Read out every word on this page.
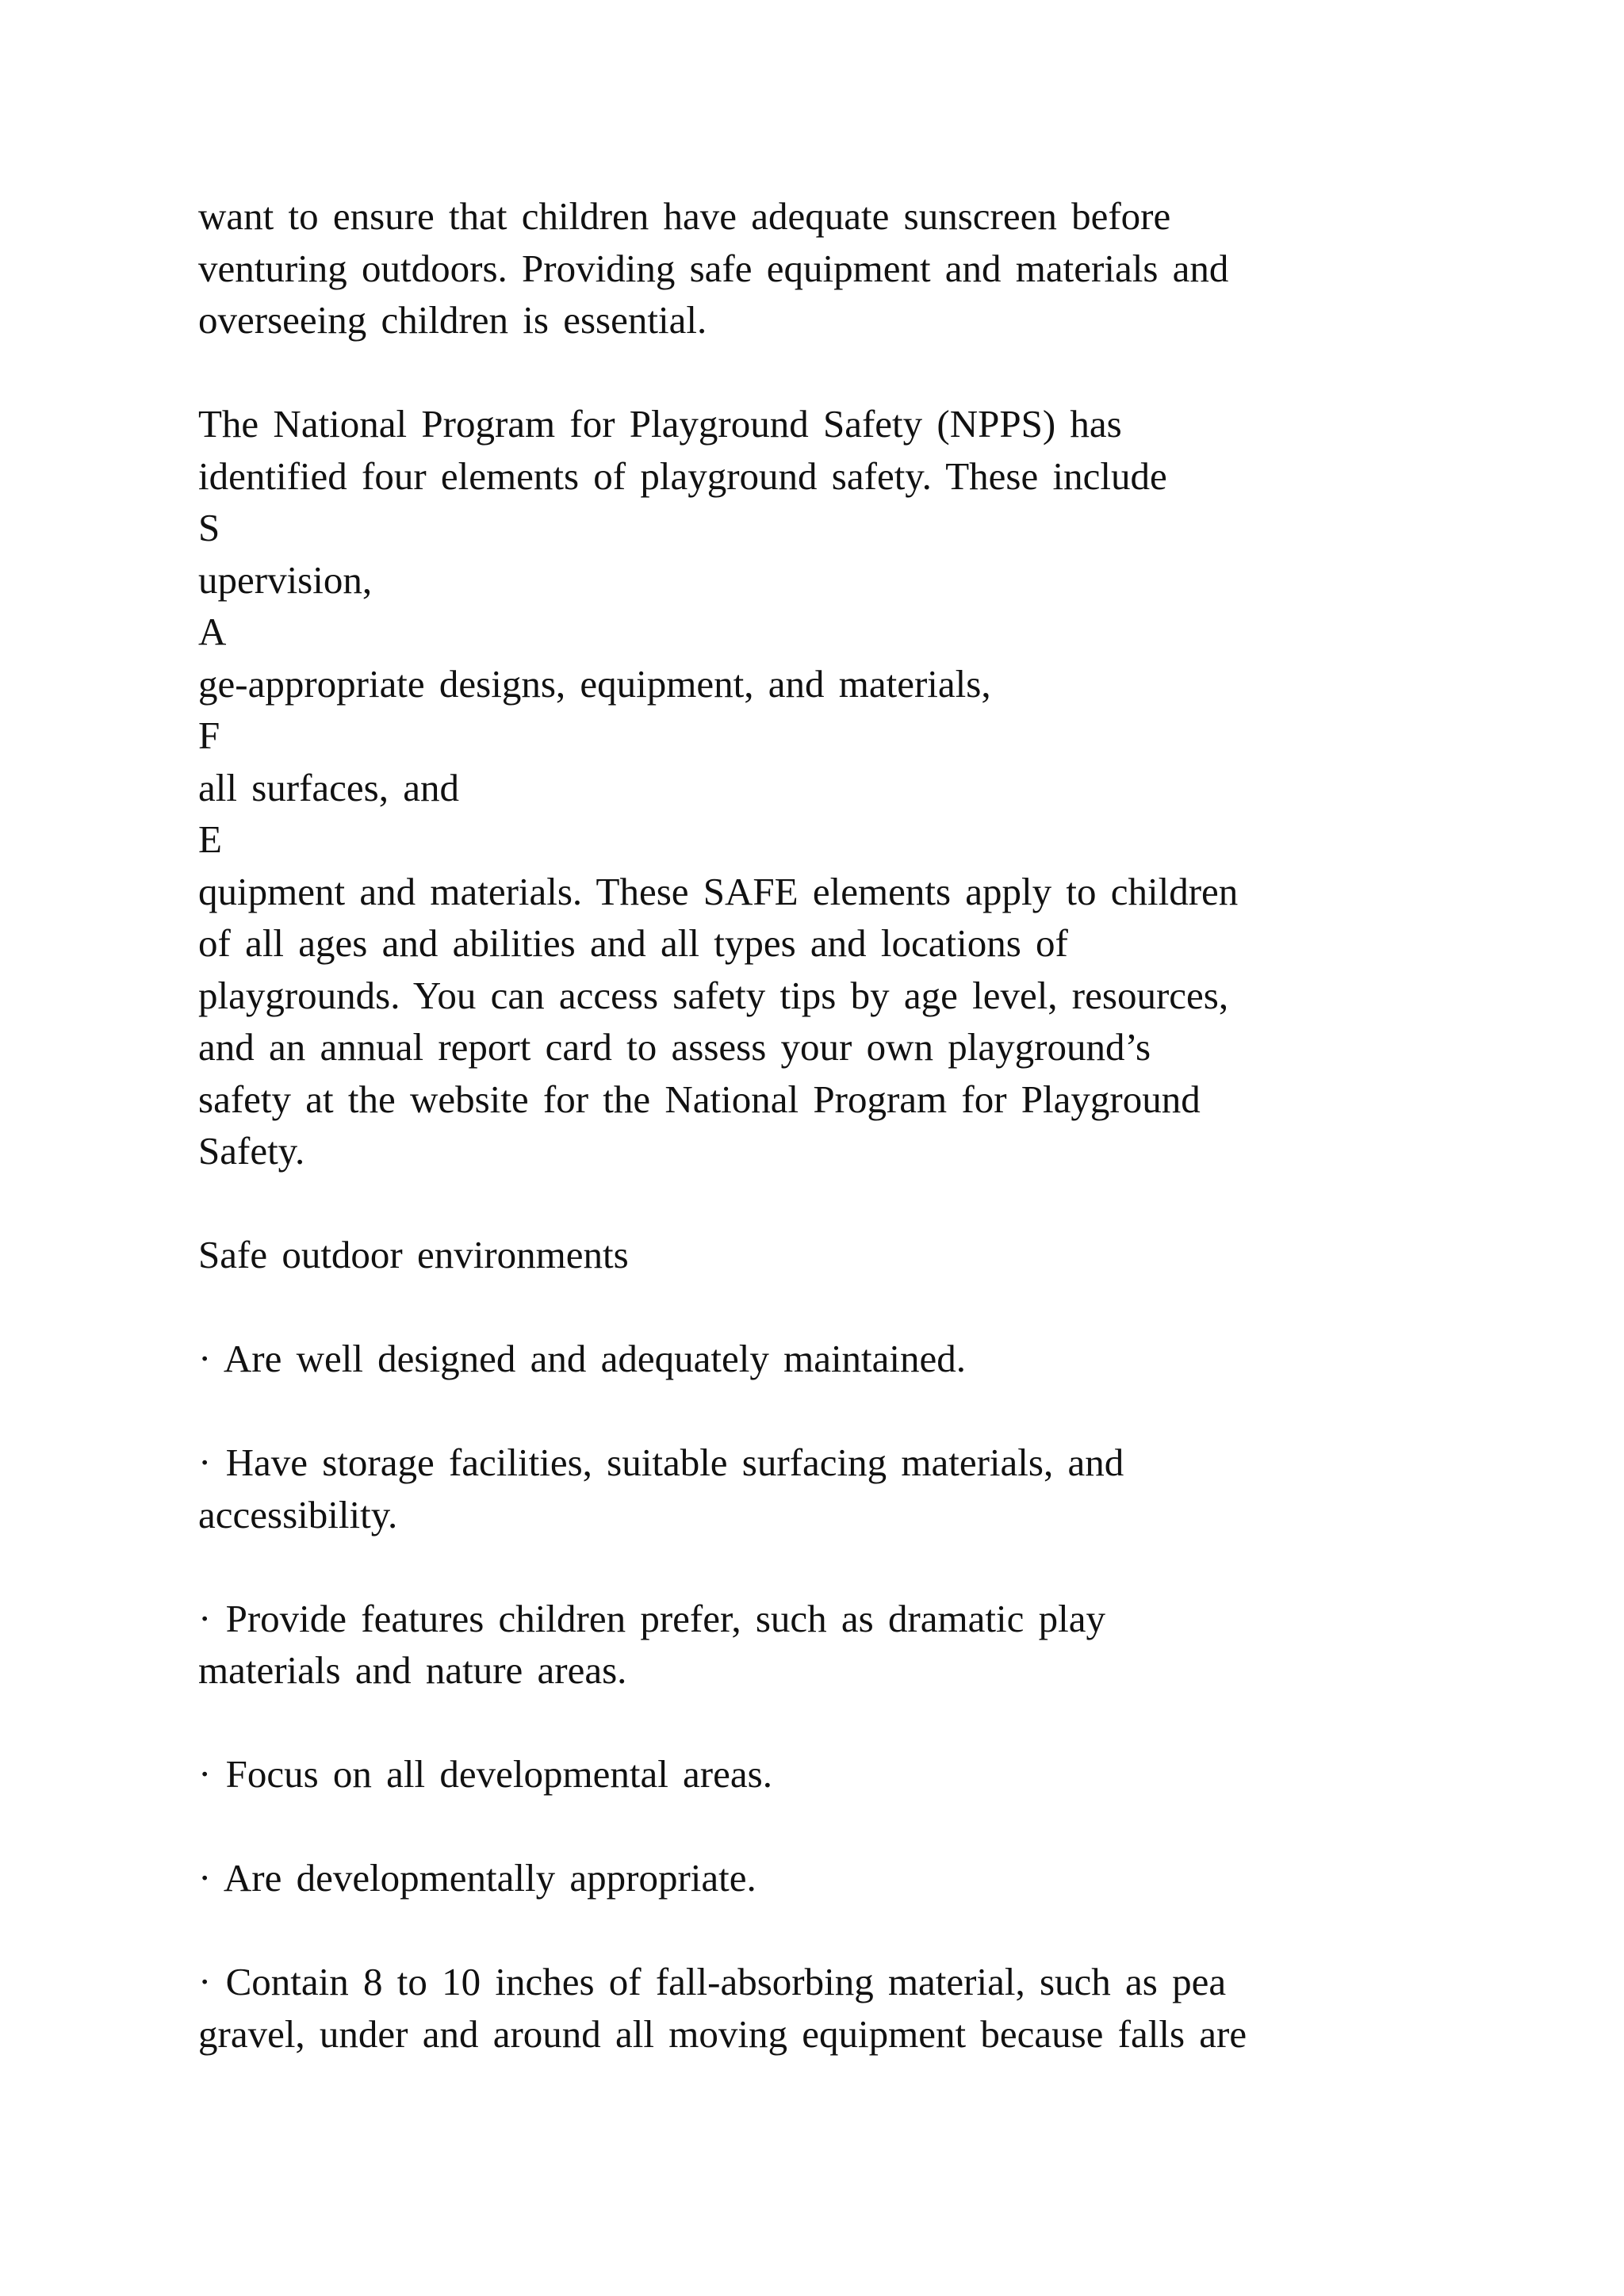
want to ensure that children have adequate sunscreen before
venturing outdoors. Providing safe equipment and materials and
overseeing children is essential.
The National Program for Playground Safety (NPPS) has
identified four elements of playground safety. These include
S
upervision,
A
ge-appropriate designs, equipment, and materials,
F
all surfaces, and
E
quipment and materials. These SAFE elements apply to children
of all ages and abilities and all types and locations of
playgrounds. You can access safety tips by age level, resources,
and an annual report card to assess your own playground’s
safety at the website for the National Program for Playground
Safety.
Safe outdoor environments
· Are well designed and adequately maintained.
· Have storage facilities, suitable surfacing materials, and
accessibility.
· Provide features children prefer, such as dramatic play
materials and nature areas.
· Focus on all developmental areas.
· Are developmentally appropriate.
· Contain 8 to 10 inches of fall-absorbing material, such as pea
gravel, under and around all moving equipment because falls are
